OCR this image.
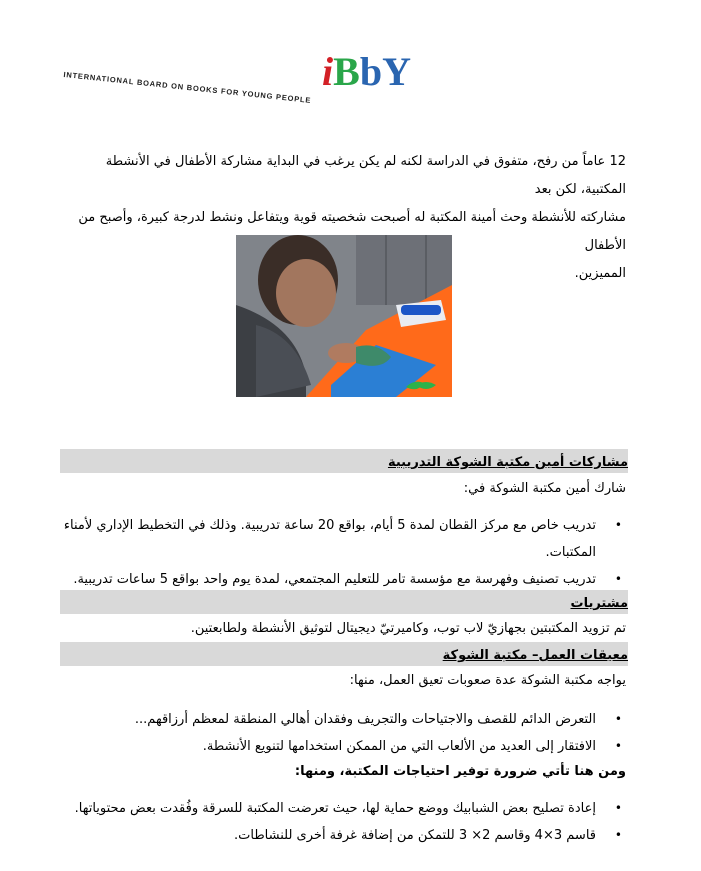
INTERNATIONAL BOARD ON BOOKS FOR YOUNG PEOPLE iBbY
12 عاماً من رفح، متفوق في الدراسة لكنه لم يكن يرغب في البداية مشاركة الأطفال في الأنشطة المكتبية، لكن بعد
مشاركته للأنشطة وحث أمينة المكتبة له أصبحت شخصيته قوية ويتفاعل ونشط لدرجة كبيرة، وأصبح من الأطفال
المميزين.
مشاركات أمين مكتبة الشوكة التدريبية
شارك أمين مكتبة الشوكة في:
•
تدريب خاص مع مركز القطان لمدة 5 أيام، بواقع 20 ساعة تدريبية. وذلك في التخطيط الإداري لأمناء
المكتبات.
•
تدريب تصنيف وفهرسة مع مؤسسة تامر للتعليم المجتمعي، لمدة يوم واحد بواقع 5 ساعات تدريبية.
مشتريات
تم تزويد المكتبتين بجهازيّ لاب توب، وكاميرتيّ ديجيتال لتوثيق الأنشطة ولطابعتين.
معيقات العمل– مكتبة الشوكة
يواجه مكتبة الشوكة عدة صعوبات تعيق العمل، منها:
•
التعرض الدائم للقصف والاجتياحات والتجريف وفقدان أهالي المنطقة لمعظم أرزاقهم...
•
الافتقار إلى العديد من الألعاب التي من الممكن استخدامها لتنويع الأنشطة.
ومن هنا تأتي ضرورة توفير احتياجات المكتبة، ومنها:
•
إعادة تصليح بعض الشبابيك ووضع حماية لها، حيث تعرضت المكتبة للسرقة وفُقدت بعض محتوياتها.
•
قاسم 3×4 وقاسم 2× 3 للتمكن من إضافة غرفة أخرى للنشاطات.
